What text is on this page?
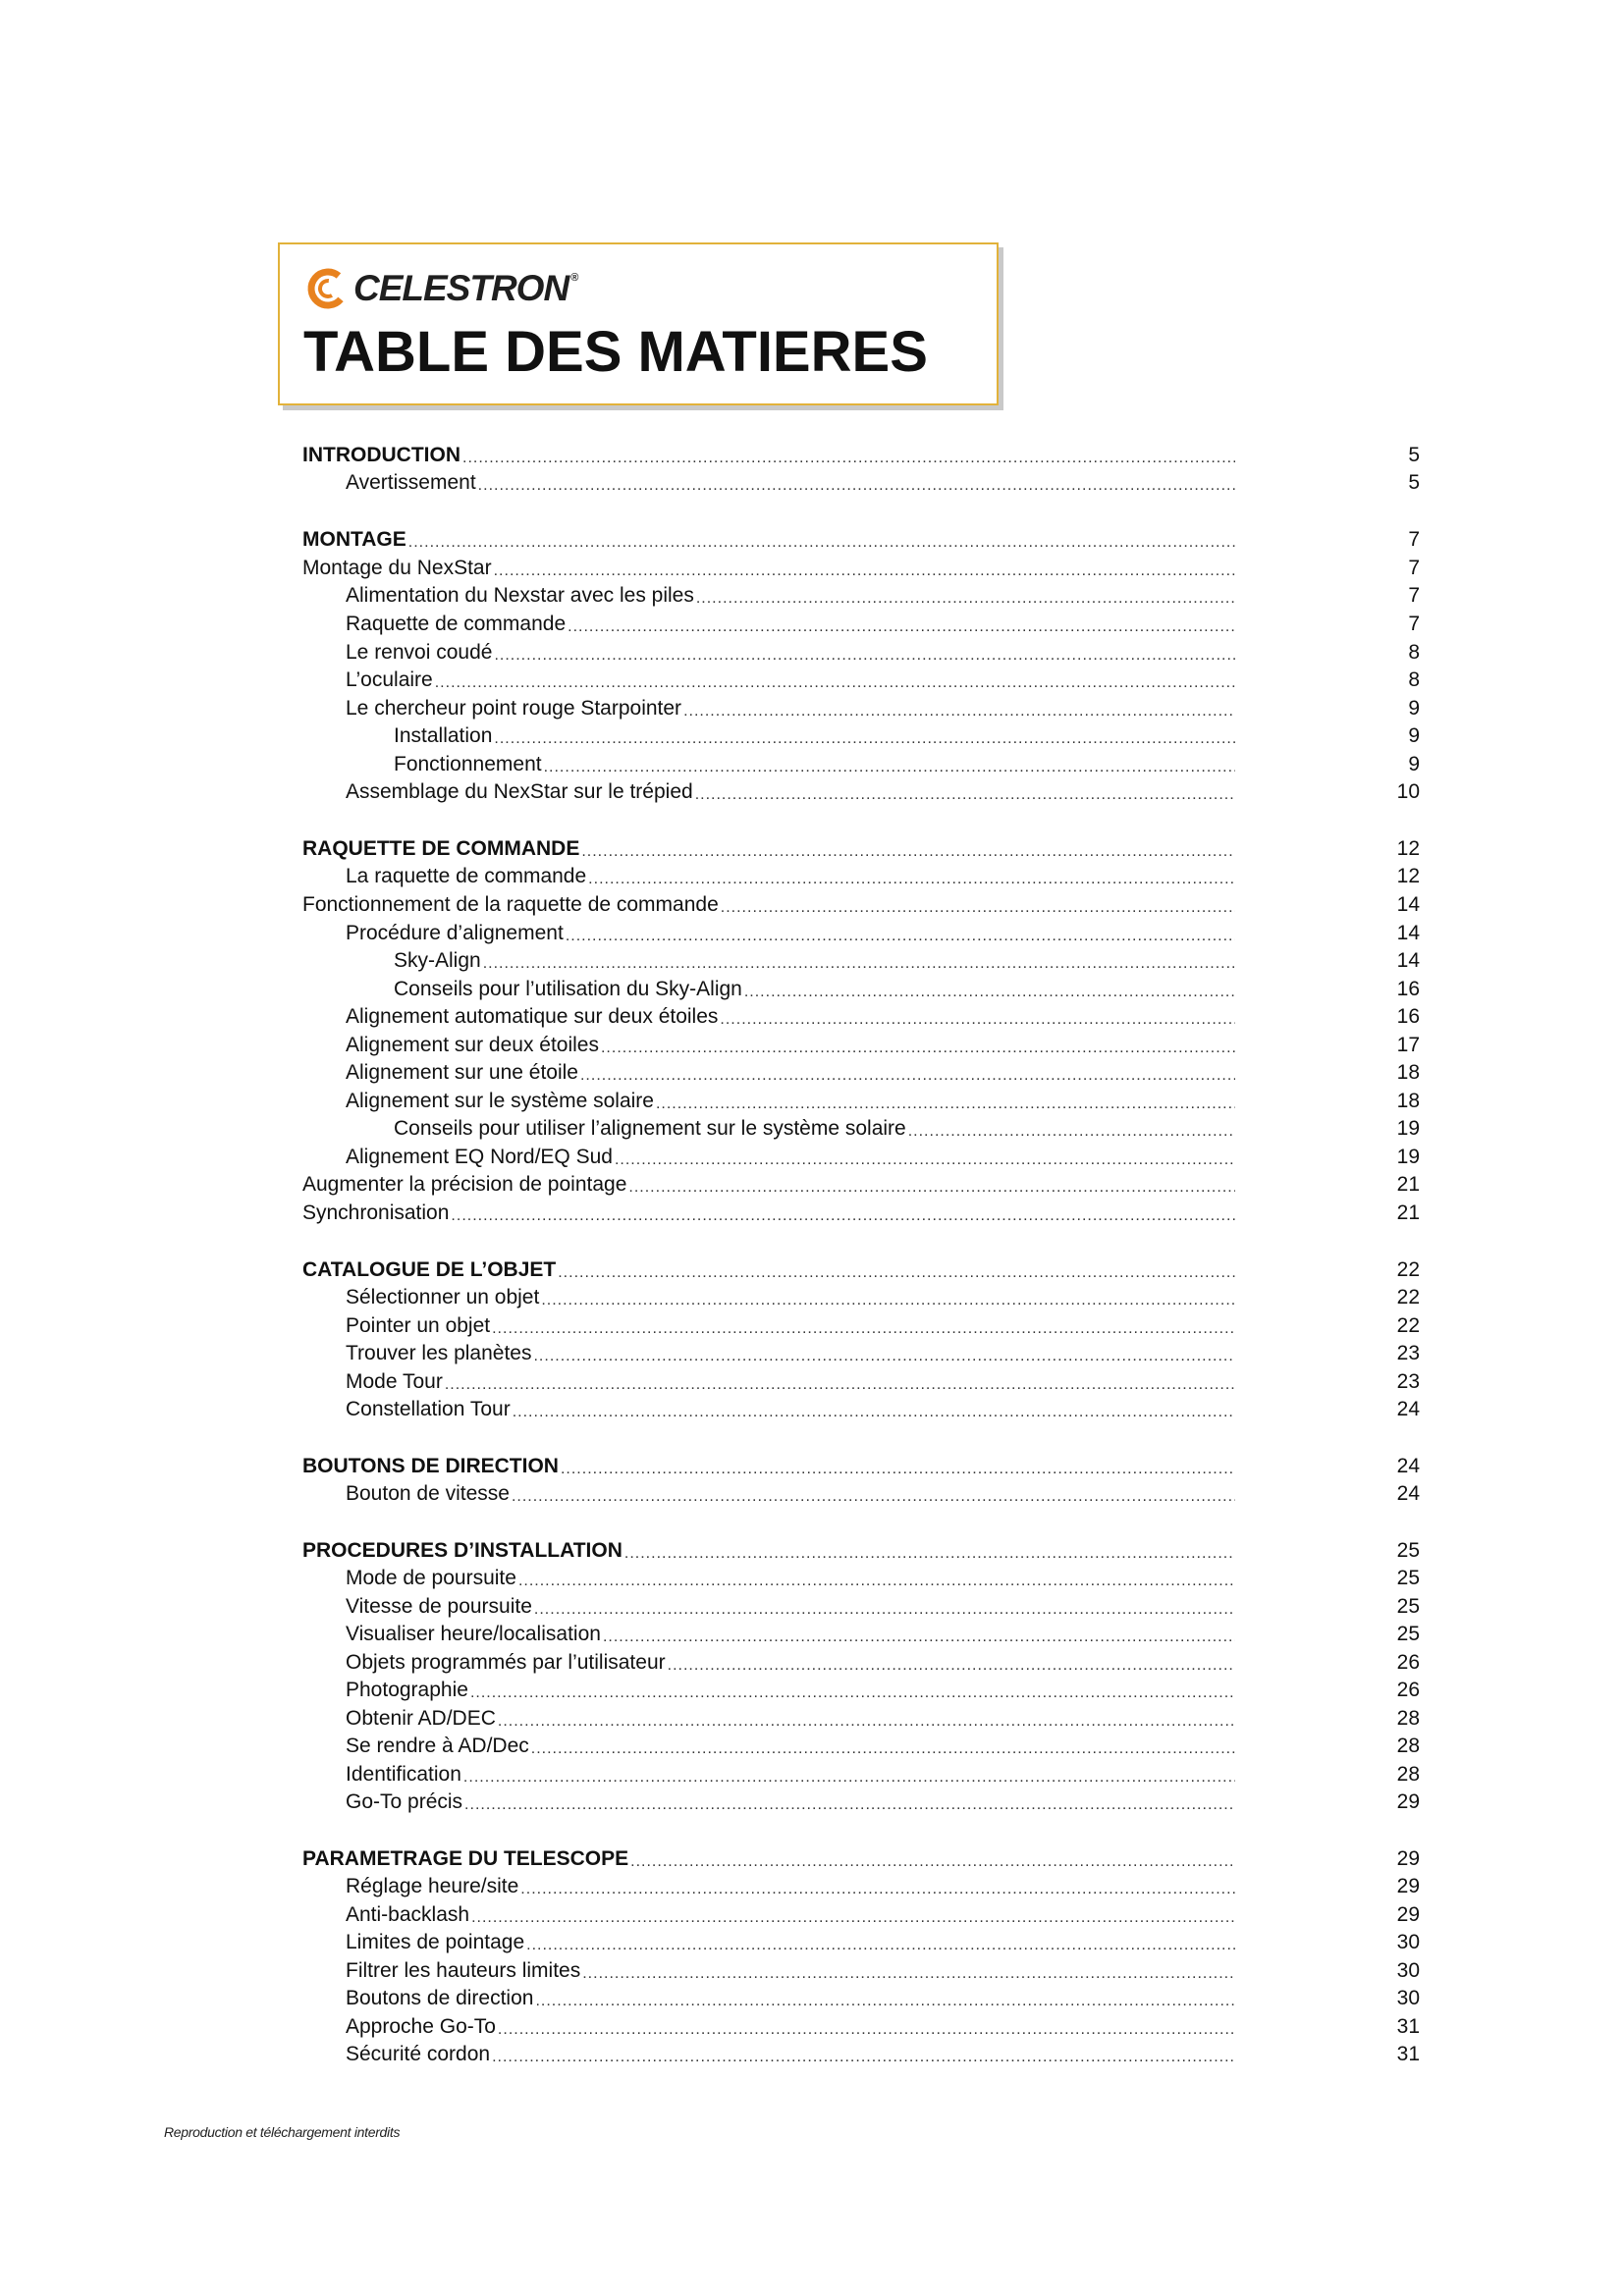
CELESTRON ®
TABLE DES MATIERES
INTRODUCTION .....	5
Avertissement .....	5
MONTAGE .....	7
Montage du NexStar .....	7
Alimentation du Nexstar avec les piles .....	7
Raquette de commande .....	7
Le renvoi coudé .....	8
L’oculaire .....	8
Le chercheur point rouge Starpointer .....	9
Installation .....	9
Fonctionnement .....	9
Assemblage du NexStar sur le trépied .....	10
RAQUETTE DE COMMANDE .....	12
La raquette de commande .....	12
Fonctionnement de la raquette de commande .....	14
Procédure d’alignement .....	14
Sky-Align .....	14
Conseils pour l’utilisation du Sky-Align .....	16
Alignement automatique sur deux étoiles .....	16
Alignement sur deux étoiles .....	17
Alignement sur une étoile .....	18
Alignement sur le système solaire .....	18
Conseils pour utiliser l’alignement sur le système solaire .....	19
Alignement EQ Nord/EQ Sud .....	19
Augmenter la précision de pointage .....	21
Synchronisation .....	21
CATALOGUE DE L’OBJET .....	22
Sélectionner un objet .....	22
Pointer un objet .....	22
Trouver les planètes .....	23
Mode Tour .....	23
Constellation Tour .....	24
BOUTONS DE DIRECTION .....	24
Bouton de vitesse .....	24
PROCEDURES D’INSTALLATION .....	25
Mode de poursuite .....	25
Vitesse de poursuite .....	25
Visualiser heure/localisation .....	25
Objets programmés par l’utilisateur .....	26
Photographie .....	26
Obtenir AD/DEC .....	28
Se rendre à AD/Dec .....	28
Identification .....	28
Go-To précis .....	29
PARAMETRAGE DU TELESCOPE .....	29
Réglage heure/site .....	29
Anti-backlash .....	29
Limites de pointage .....	30
Filtrer les hauteurs limites .....	30
Boutons de direction .....	30
Approche Go-To .....	31
Sécurité cordon .....	31
Reproduction et téléchargement interdits
